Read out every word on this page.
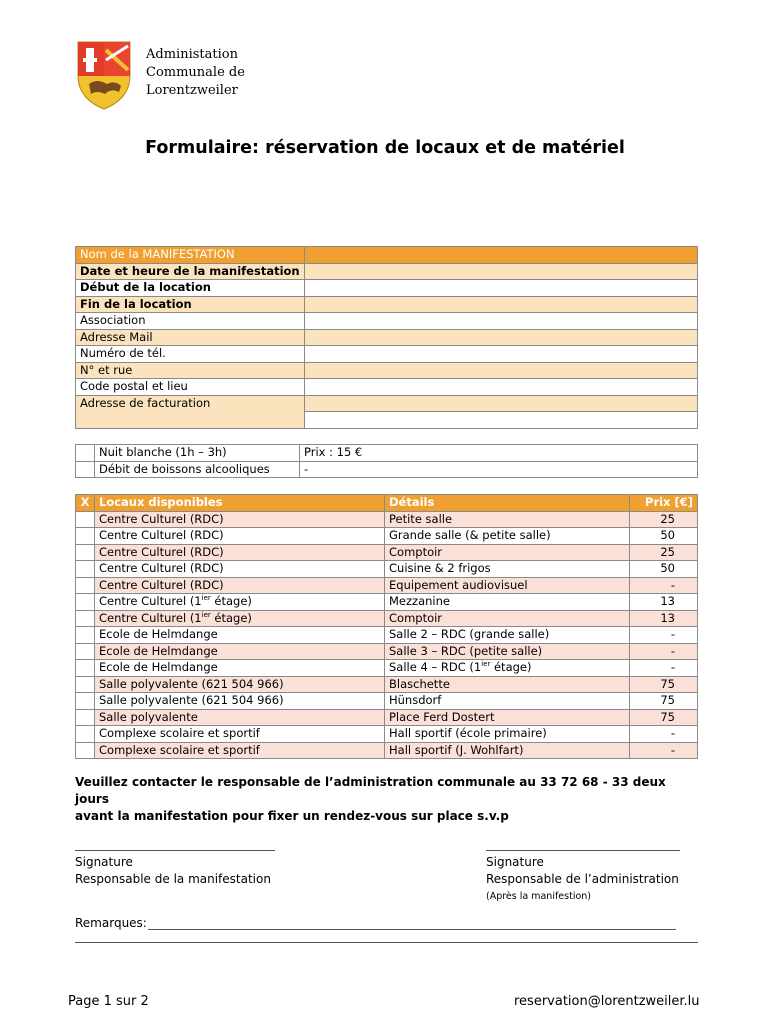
Administation
Communale de
Lorentzweiler
Formulaire: réservation de locaux et de matériel
Nom de la MANIFESTATION	
Date et heure de la manifestation	
Début de la location	
Fin de la location	
Association	
Adresse Mail	
Numéro de tél.	
N° et rue	
Code postal et lieu	
Adresse de facturation	

	Nuit blanche (1h – 3h)	Prix : 15 €
	Débit de boissons alcooliques	-
X	Locaux disponibles	Détails	Prix [€]
	Centre Culturel (RDC)	Petite salle	25
	Centre Culturel (RDC)	Grande salle (& petite salle)	50
	Centre Culturel (RDC)	Comptoir	25
	Centre Culturel (RDC)	Cuisine & 2 frigos	50
	Centre Culturel (RDC)	Equipement audiovisuel	-
	Centre Culturel ($1^{ier}$ étage)	Mezzanine	13
	Centre Culturel ($1^{ier}$ étage)	Comptoir	13
	Ecole de Helmdange	Salle 2 – RDC (grande salle)	-
	Ecole de Helmdange	Salle 3 – RDC (petite salle)	-
	Ecole de Helmdange	Salle 4 – RDC ($1^{ier}$ étage)	-
	Salle polyvalente (621 504 966)	Blaschette	75
	Salle polyvalente (621 504 966)	Hünsdorf	75
	Salle polyvalente	Place Ferd Dostert	75
	Complexe scolaire et sportif	Hall sportif (école primaire)	-
	Complexe scolaire et sportif	Hall sportif (J. Wohlfart)	-
Veuillez contacter le responsable de l’administration communale au 33 72 68 - 33 deux jours
avant la manifestation pour fixer un rendez-vous sur place s.v.p
Signature
Responsable de la manifestation
Signature
Responsable de l’administration
(Après la manifestion)
Remarques:
Page 1 sur 2	reservation@lorentzweiler.lu
